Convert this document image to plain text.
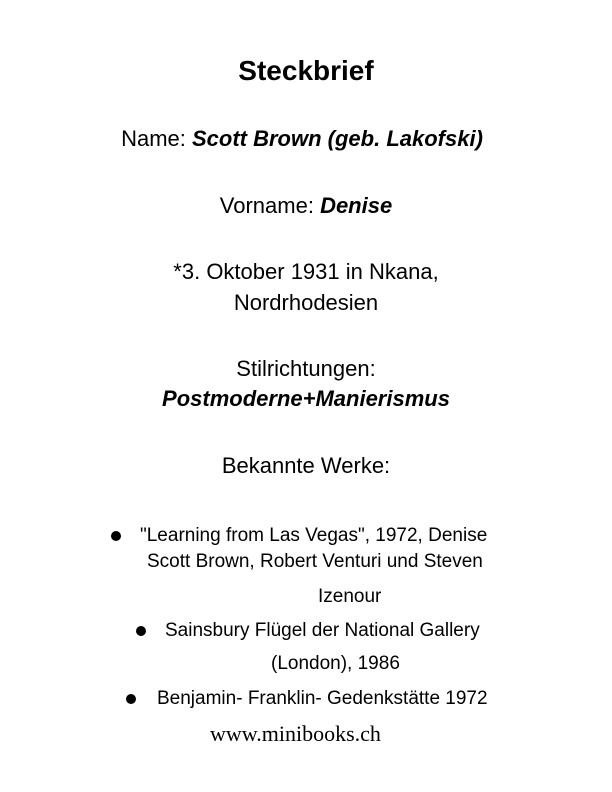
Steckbrief
Name: Scott Brown (geb. Lakofski)
Vorname: Denise
*3. Oktober 1931 in Nkana,
Nordrhodesien
Stilrichtungen:
Postmoderne+Manierismus
Bekannte Werke:
"Learning from Las Vegas", 1972, Denise
Scott Brown, Robert Venturi und Steven
Izenour
Sainsbury Flügel der National Gallery
(London), 1986
Benjamin- Franklin- Gedenkstätte 1972
www.minibooks.ch
